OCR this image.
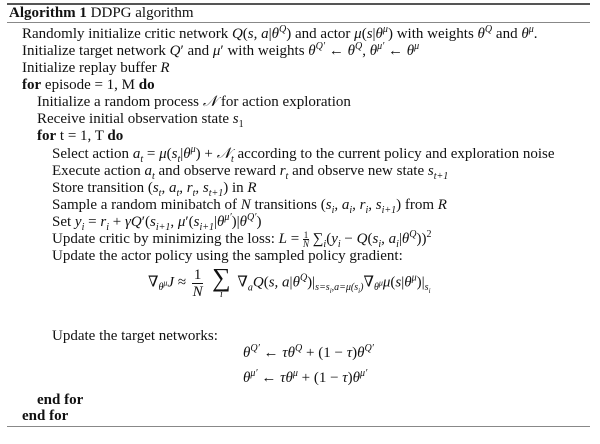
Algorithm 1 DDPG algorithm
Randomly initialize critic network Q(s, $a|\theta^Q$) and actor $\mu(s|\theta^\mu)$ with weights $\theta^Q$ and $\theta^\mu$.
Initialize target network Q′ and μ′ with weights $\theta^{Q'}$ ← $\theta^Q$, $\theta^{\mu'}$ ← $\theta^\mu$
Initialize replay buffer R
for episode = 1, M do
Initialize a random process 𝒩 for action exploration
Receive initial observation state $s_1$
for t = 1, T do
Select action $a_t = \mu(s_t|\theta^\mu)$ + 𝒩$_t$ according to the current policy and exploration noise
Execute action $a_t$ and observe reward $r_t$ and observe new state $s_{t+1}$
Store transition ($s_t$, $a_t$, $r_t$, $s_{t+1}$) in R
Sample a random minibatch of N transitions ($s_i$, $a_i$, $r_i$, $s_{i+1}$) from R
Set $y_i = r_i + \gamma Q'(s_{i+1}$, $\mu'(s_{i+1}|\theta^{\mu'})|\theta^{Q'}$)
Update critic by minimizing the loss: $L = \frac{1}{N} \sum_i(y_i - Q(s_i$, $a_i|\theta^Q))^2$
Update the actor policy using the sampled policy gradient:
$\nabla_{\theta^\mu}J \approx \frac{1}{N}$
∑
i
$\nabla_aQ(s$, $a|\theta^Q)|_{s=s_i,a=\mu(s_i)}\nabla_{\theta^\mu}\mu(s|\theta^\mu)|_{s_i}$
Update the target networks:
$\theta^{Q'}$ ← $\tau\theta^Q + (1 - \tau)\theta^{Q'}$
$\theta^{\mu'}$ ← $\tau\theta^\mu + (1 - \tau)\theta^{\mu'}$
end for
end for
